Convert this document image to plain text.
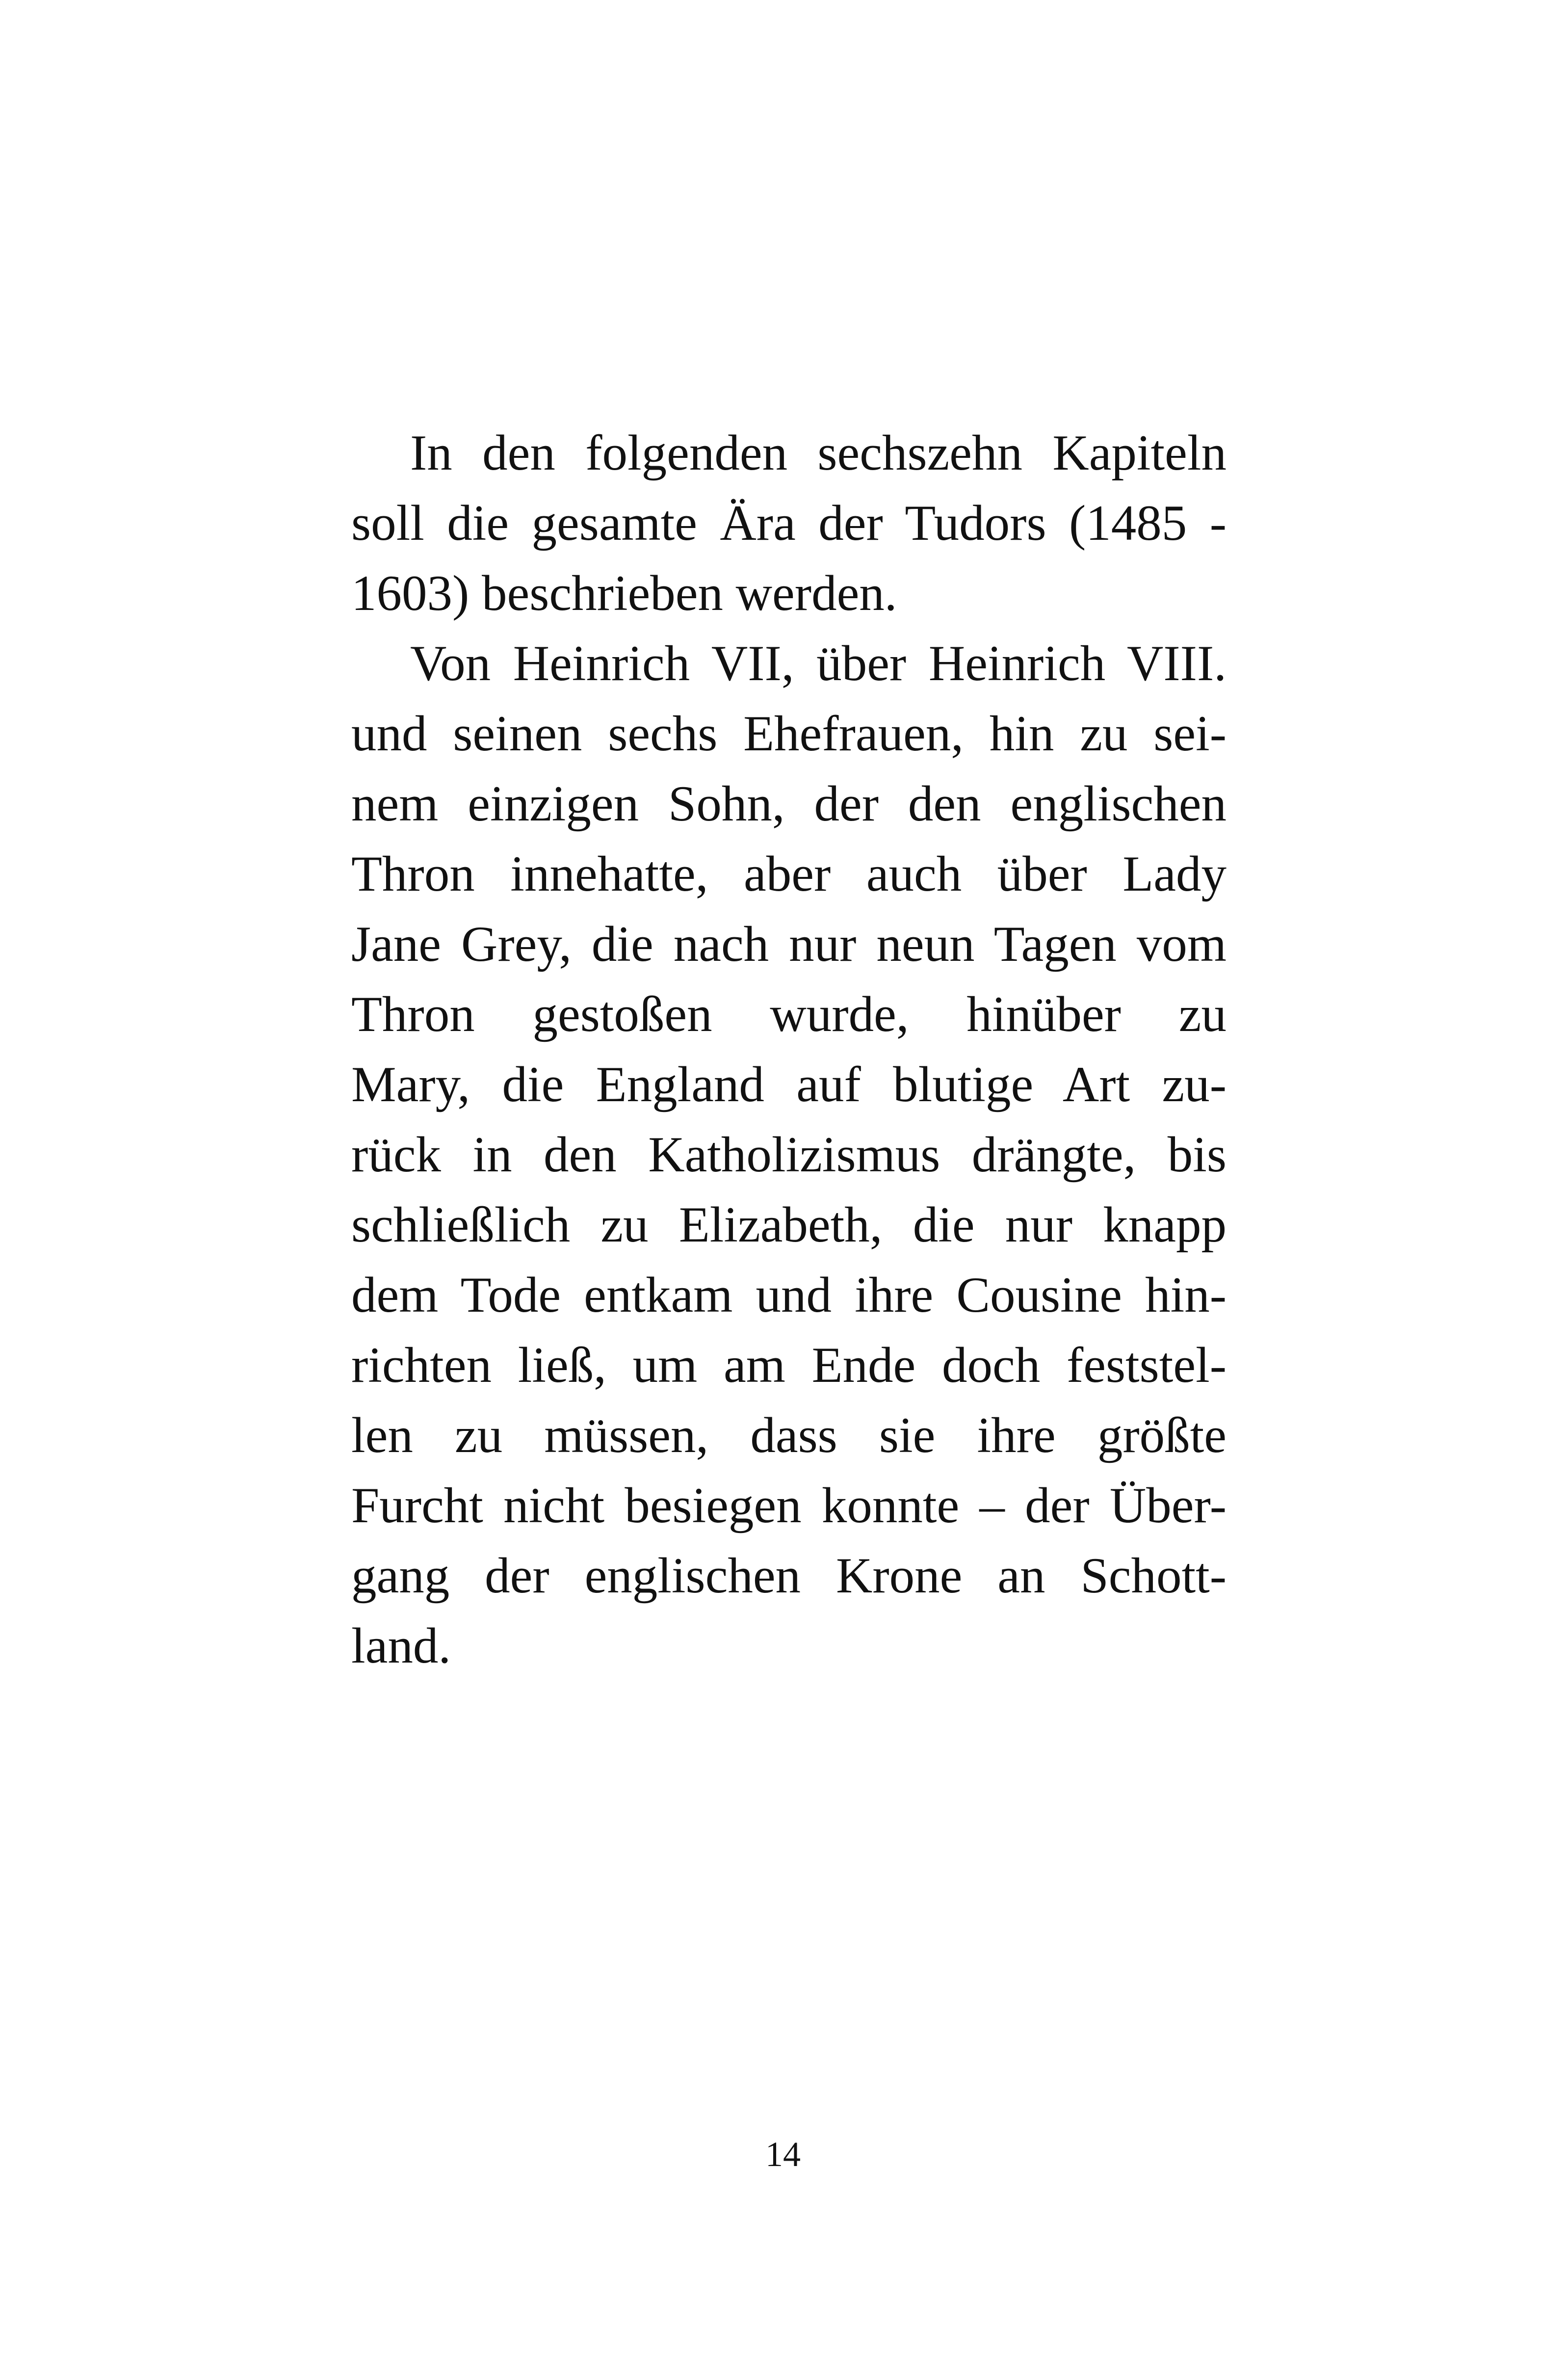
In den folgenden sechszehn Kapiteln
soll die gesamte Ära der Tudors (1485 -
1603) beschrieben werden.
Von Heinrich VII, über Heinrich VIII.
und seinen sechs Ehefrauen, hin zu sei-
nem einzigen Sohn, der den englischen
Thron innehatte, aber auch über Lady
Jane Grey, die nach nur neun Tagen vom
Thron gestoßen wurde, hinüber zu
Mary, die England auf blutige Art zu-
rück in den Katholizismus drängte, bis
schließlich zu Elizabeth, die nur knapp
dem Tode entkam und ihre Cousine hin-
richten ließ, um am Ende doch feststel-
len zu müssen, dass sie ihre größte
Furcht nicht besiegen konnte – der Über-
gang der englischen Krone an Schott-
land.
14
